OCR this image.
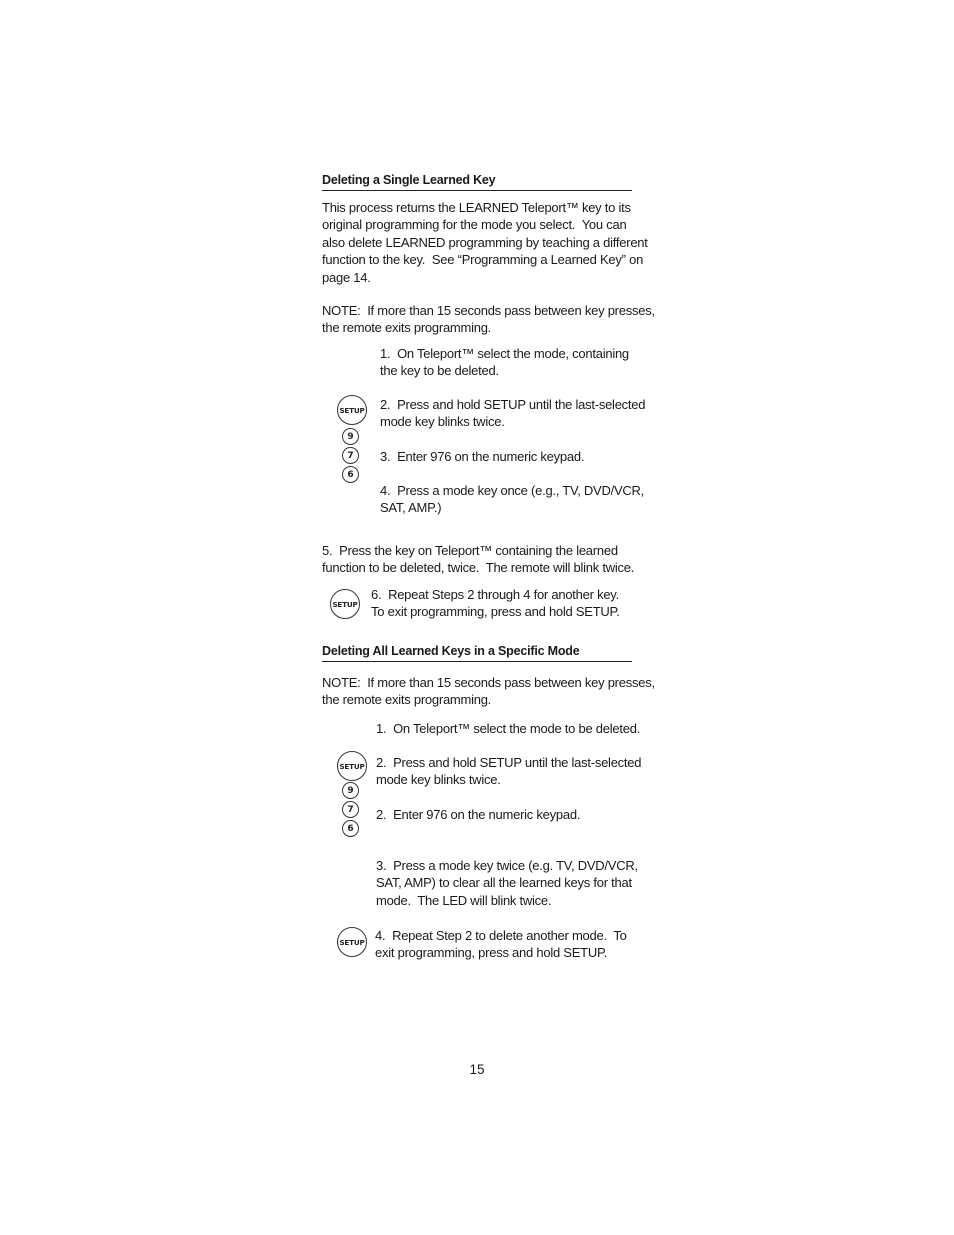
Deleting a Single Learned Key

This process returns the LEARNED Teleport™ key to its
original programming for the mode you select.  You can
also delete LEARNED programming by teaching a different
function to the key.  See “Programming a Learned Key” on
page 14.

NOTE:  If more than 15 seconds pass between key presses,
the remote exits programming.

1.  On Teleport™ select the mode, containing
the key to be deleted.

SETUP
9
7
6

2.  Press and hold SETUP until the last-selected
mode key blinks twice.

3.  Enter 976 on the numeric keypad.

4.  Press a mode key once (e.g., TV, DVD/VCR,
SAT, AMP.)

5.  Press the key on Teleport™ containing the learned
function to be deleted, twice.  The remote will blink twice.

SETUP

6.  Repeat Steps 2 through 4 for another key.
To exit programming, press and hold SETUP.

Deleting All Learned Keys in a Specific Mode

NOTE:  If more than 15 seconds pass between key presses,
the remote exits programming.

1.  On Teleport™ select the mode to be deleted.

SETUP
9
7
6

2.  Press and hold SETUP until the last-selected
mode key blinks twice.

2.  Enter 976 on the numeric keypad.

3.  Press a mode key twice (e.g. TV, DVD/VCR,
SAT, AMP) to clear all the learned keys for that
mode.  The LED will blink twice.

SETUP 4.  Repeat Step 2 to delete another mode.  To
exit programming, press and hold SETUP.

15
